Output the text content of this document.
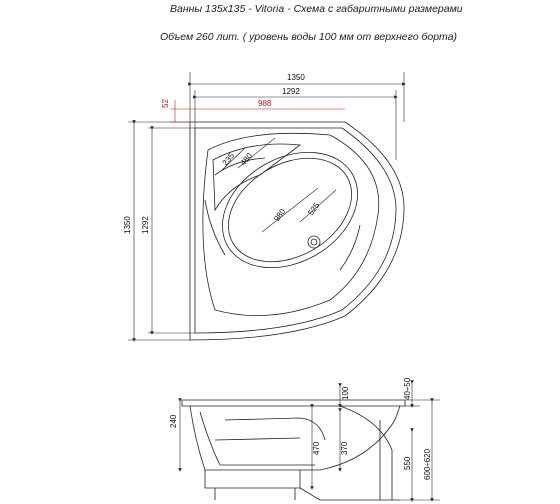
Ванны 135х135 - Vitoria - Схема с габаритными размерами
Объем 260 лит. ( уровень воды 100 мм от верхнего борта)
1350
1292
988
52
1350 1292
235 480
980 525
240
100
470 370
40÷50
550 600÷620
